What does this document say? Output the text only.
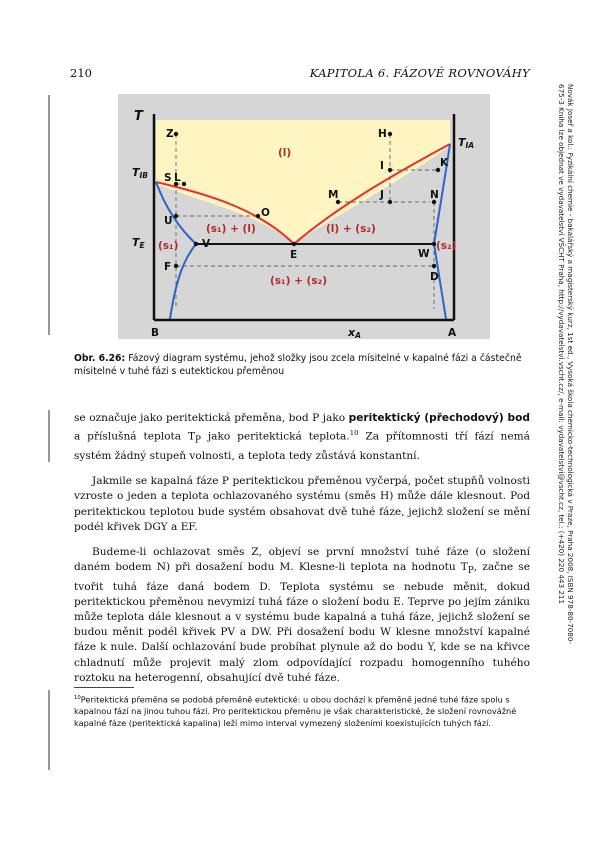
210	KAPITOLA 6. FÁZOVÉ ROVNOVÁHY
Novák Josef a kol.: Fyzikální chemie - bakalářský a magisterský kurz, 1st ed., Vysoká škola chemicko-technologická v Praze, Praha 2008, ISBN 978-80-7080-675-3 Kniha lze objednat ve vydavatelství VŠCHT Praha, http://vydavatelstvi.vscht.cz/, e-mail: vydavatelstvi@vscht.cz, tel.: (+420) 220 443 211
T
Z	H
S L
I	K
M	J	N
O
U
V
E	W
F
D
B	A
TIA
TIB
TE
xA
(l)
(s₁) + (l)	(l) + (s₂)
(s₁)	(s₂)
(s₁) + (s₂)
Obr. 6.26: Fázový diagram systému, jehož složky jsou zcela mísitelné v kapalné fázi a částečně mísitelné v tuhé fázi s eutektickou přeměnou

se označuje jako peritektická přeměna, bod P jako peritektický (přechodový) bod a příslušná teplota $T_P$ jako peritektická teplota.$^{10}$ Za přítomnosti tří fází nemá systém žádný stupeň volnosti, a teplota tedy zůstává konstantní.

Jakmile se kapalná fáze P peritektickou přeměnou vyčerpá, počet stupňů volnosti vzroste o jeden a teplota ochlazovaného systému (směs H) může dále klesnout. Pod peritektickou teplotou bude systém obsahovat dvě tuhé fáze, jejichž složení se mění podél křivek DGY a EF.

Budeme-li ochlazovat směs Z, objeví se první množství tuhé fáze (o složení daném bodem N) při dosažení bodu M. Klesne-li teplota na hodnotu $T_P$, začne se tvořit tuhá fáze daná bodem D. Teplota systému se nebude měnit, dokud peritektickou přeměnou nevymizí tuhá fáze o složení bodu E. Teprve po jejím zániku může teplota dále klesnout a v systému bude kapalná a tuhá fáze, jejichž složení se budou měnit podél křivek PV a DW. Při dosažení bodu W klesne množství kapalné fáze k nule. Další ochlazování bude probíhat plynule až do bodu Y, kde se na křivce chladnutí může projevit malý zlom odpovídající rozpadu homogenního tuhého roztoku na heterogenní, obsahující dvě tuhé fáze.

$^{10}$Peritektická přeměna se podobá přeměně eutektické: u obou dochází k přeměně jedné tuhé fáze spolu s kapalnou fází na jinou tuhou fázi. Pro peritektickou přeměnu je však charakteristické, že složení rovnovážné kapalné fáze (peritektická kapalina) leží mimo interval vymezený složeními koexistujících tuhých fází.
